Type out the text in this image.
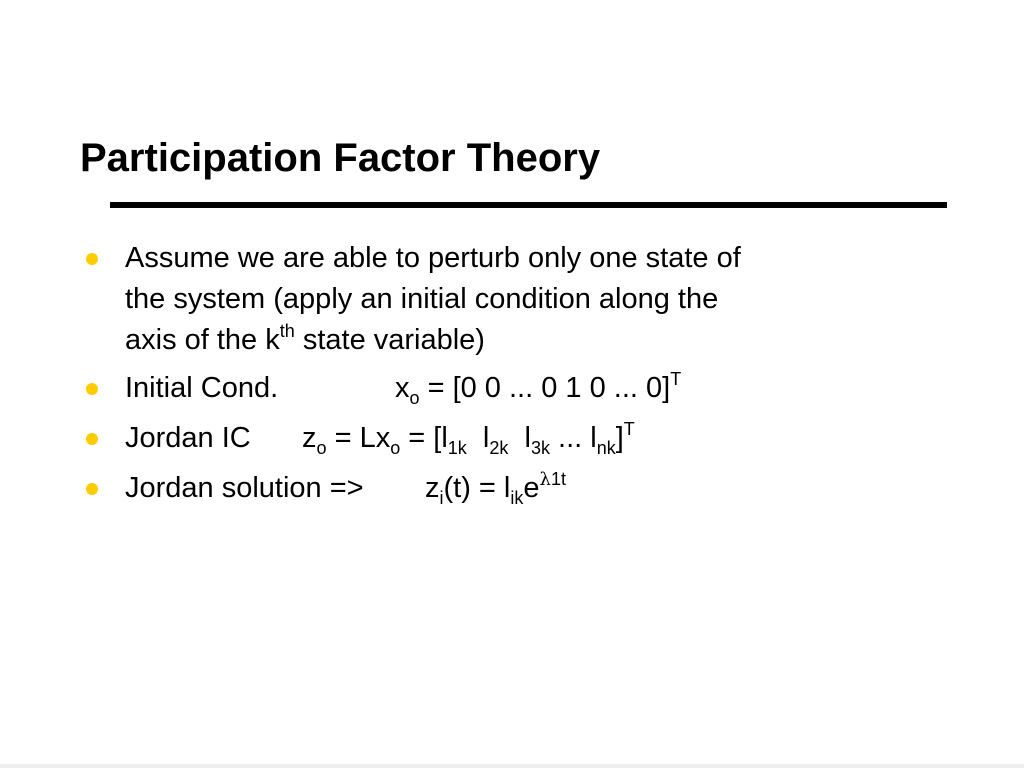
Participation Factor Theory
Assume we are able to perturb only one state of
the system (apply an initial condition along the
axis of the $k^{th}$ state variable)
Initial Cond.	$x_o = [0$ 0 ... 0 1 0 ... 0]$^T$
Jordan IC $z_o = Lx_o = [l_{1k}$  $l_{2k}$  $l_{3k}$ ... $l_{nk}]^T$
Jordan solution => $z_i(t) = l_{ik}e^{\lambda 1t}$
